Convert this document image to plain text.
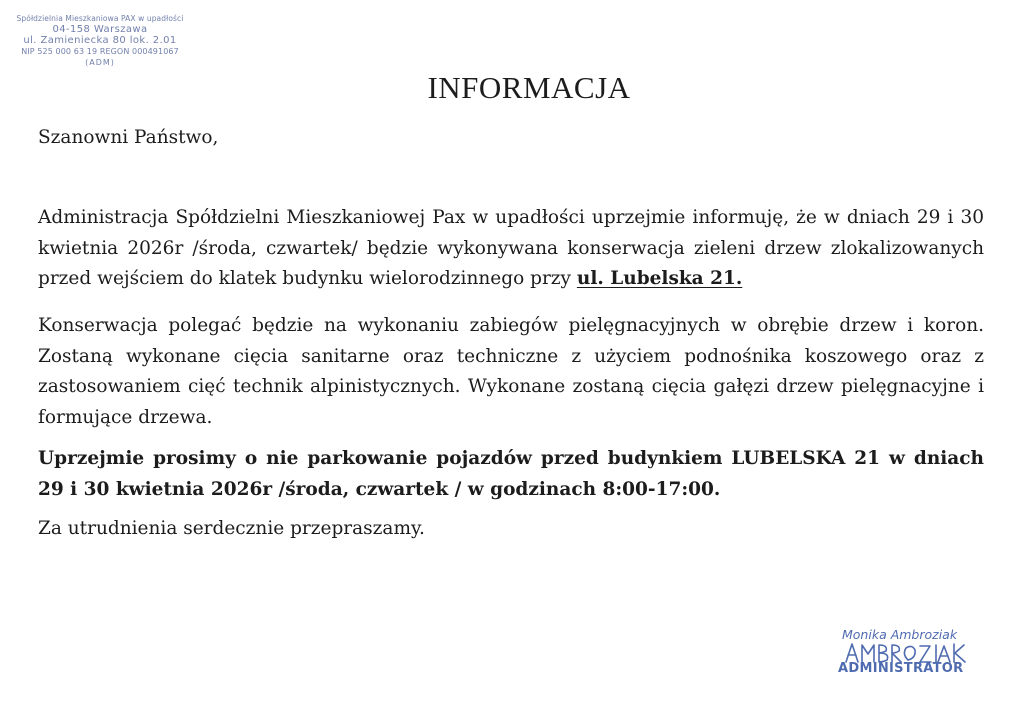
Spółdzielnia Mieszkaniowa PAX w upadłości
04-158 Warszawa
ul. Zamieniecka 80 lok. 2.01
NIP 525 000 63 19 REGON 000491067
(ADM)
INFORMACJA
Szanowni Państwo,
Administracja Spółdzielni Mieszkaniowej Pax w upadłości uprzejmie informuję, że w dniach 29 i 30 kwietnia 2026r /środa, czwartek/ będzie wykonywana konserwacja zieleni drzew zlokalizowanych przed wejściem do klatek budynku wielorodzinnego przy ul. Lubelska 21.
Konserwacja polegać będzie na wykonaniu zabiegów pielęgnacyjnych w obrębie drzew i koron. Zostaną wykonane cięcia sanitarne oraz techniczne z użyciem podnośnika koszowego oraz z zastosowaniem cięć technik alpinistycznych. Wykonane zostaną cięcia gałęzi drzew pielęgnacyjne i formujące drzewa.
Uprzejmie prosimy o nie parkowanie pojazdów przed budynkiem LUBELSKA 21 w dniach 29 i 30 kwietnia 2026r /środa, czwartek / w godzinach 8:00-17:00.
Za utrudnienia serdecznie przepraszamy.
Monika Ambroziak
ADMINISTRATOR
